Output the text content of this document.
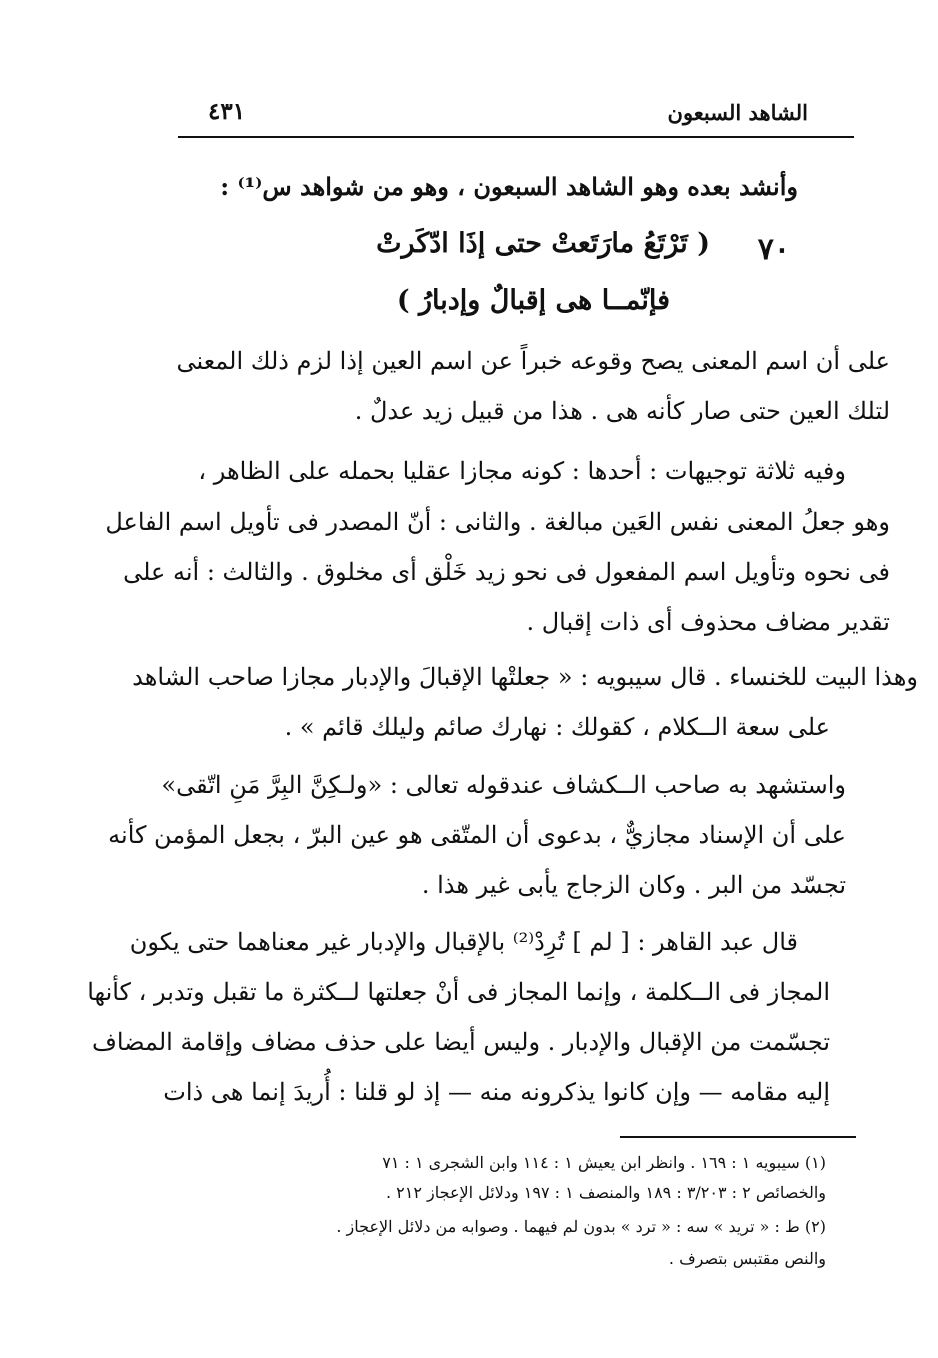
الشاهد السبعون
٤٣١
وأنشد بعده وهو الشاهد السبعون ، وهو من شواهد س⁽¹⁾ :
٧٠
( تَرْتَعُ مارَتَعتْ حتى إذَا ادّكَرتْ
فإنّمــا هى إقبالٌ وإدبارُ )
على أن اسم المعنى يصح وقوعه خبراً عن اسم العين إذا لزم ذلك المعنى
لتلك العين حتى صار كأنه هى . هذا من قبيل زيد عدلٌ .
وفيه ثلاثة توجيهات : أحدها : كونه مجازا عقليا بحمله على الظاهر ،
وهو جعلُ المعنى نفس العَين مبالغة . والثانى : أنّ المصدر فى تأويل اسم الفاعل
فى نحوه وتأويل اسم المفعول فى نحو زيد خَلْق أى مخلوق . والثالث : أنه على
تقدير مضاف محذوف أى ذات إقبال .
وهذا البيت للخنساء . قال سيبويه : « جعلتْها الإقبالَ والإدبار مجازا صاحب الشاهد
على سعة الــكلام ، كقولك : نهارك صائم وليلك قائم » .
واستشهد به صاحب الــكشاف عندقوله تعالى : «ولـكِنَّ البِرَّ مَنِ اتّقى»
على أن الإسناد مجازيٌّ ، بدعوى أن المتّقى هو عين البرّ ، بجعل المؤمن كأنه
تجسّد من البر . وكان الزجاج يأبى غير هذا .
قال عبد القاهر : [ لم ] تُرِدْ⁽²⁾ بالإقبال والإدبار غير معناهما حتى يكون
المجاز فى الــكلمة ، وإنما المجاز فى أنْ جعلتها لــكثرة ما تقبل وتدبر ، كأنها
تجسّمت من الإقبال والإدبار . وليس أيضا على حذف مضاف وإقامة المضاف
إليه مقامه — وإن كانوا يذكرونه منه — إذ لو قلنا : أُريدَ إنما هى ذات
(١) سيبويه ١ : ١٦٩ . وانظر ابن يعيش ١ : ١١٤ وابن الشجرى ١ : ٧١
والخصائص ٢ : ٣/٢٠٣ : ١٨٩ والمنصف ١ : ١٩٧ ودلائل الإعجاز ٢١٢ .
(٢) ط : « تريد » سه : « ترد » بدون لم فيهما . وصوابه من دلائل الإعجاز .
والنص مقتبس بتصرف .
